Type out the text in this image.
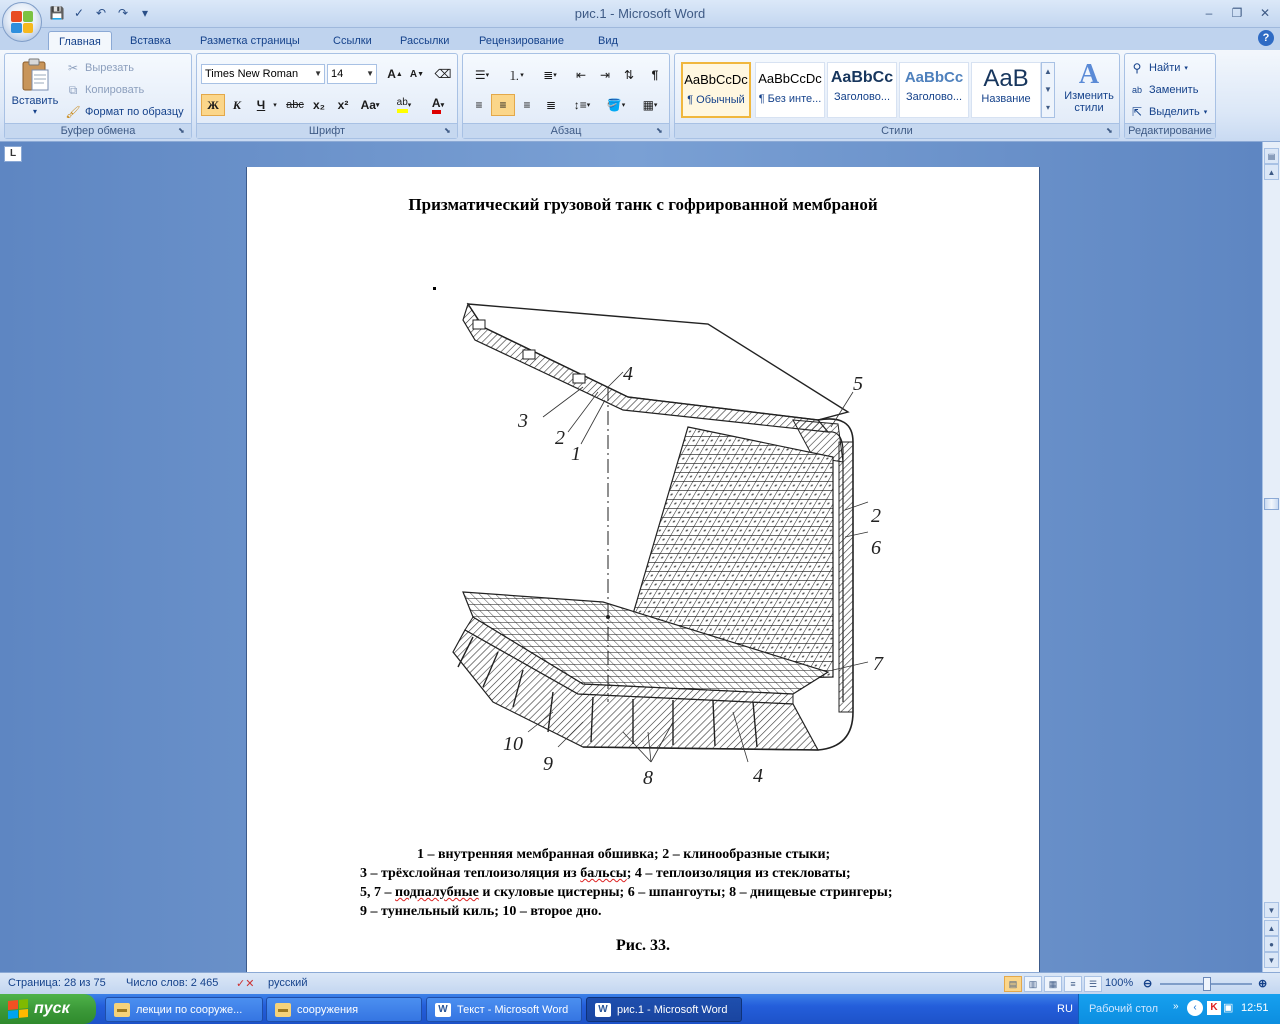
💾 ✓ ↶ ↷	▾	рис.1 - Microsoft Word	–	❐	✕
Главная	Вставка	Разметка страницы	Ссылки	Рассылки	Рецензирование	Вид	?
Вставить
▾
✂ Вырезать
⧉ Копировать
🖌 Формат по образцу
Буфер обмена	⬊
Times New Roman ▼ 14	▼ A ▲ A ▼ ⌫
Ж	К	Ч	▾ abc x₂	x²	Aa ▾ ab ▾ A ▾
Шрифт	⬊
☰ ▾	⒈ ▾	≣ ▾	⇤	⇥	⇅	¶
≡	≡	≡	≣	↕≡ ▾	🪣 ▾	▦ ▾
Абзац	⬊
AaBbCcDc
¶ Обычный
AaBbCcDc
¶ Без инте...
AaBbCc
Заголово...
AaBbCc
Заголово...
AaB
Название
▲
▼
▾
A
Изменить стили
Стили	⬊
⚲ Найти ▾
ab Заменить
⇱ Выделить ▾
Редактирование
L
Призматический грузовой танк с гофрированной мембраной
4	5
3
2
1
2
6
7
10
9
8	4
1 – внутренняя мембранная обшивка; 2 – клинообразные стыки;
3 – трёхслойная теплоизоляция из бальсы; 4 – теплоизоляция из стекловаты;
5, 7 – подпалубные и скуловые цистерны; 6 – шпангоуты; 8 – днищевые стрингеры;
9 – туннельный киль; 10 – второе дно.
Рис. 33.
▤
▲
▼
▲
●
▼
Страница: 28 из 75 Число слов: 2 465 ✓✕ русский	▤	▥	▦	≡	☰ 100% ⊖	⊕
пуск	▬ лекции по сооруже...	▬ сооружения	W Текст - Microsoft Word	W рис.1 - Microsoft Word	RU Рабочий стол »	‹	K ▣ 12:51
